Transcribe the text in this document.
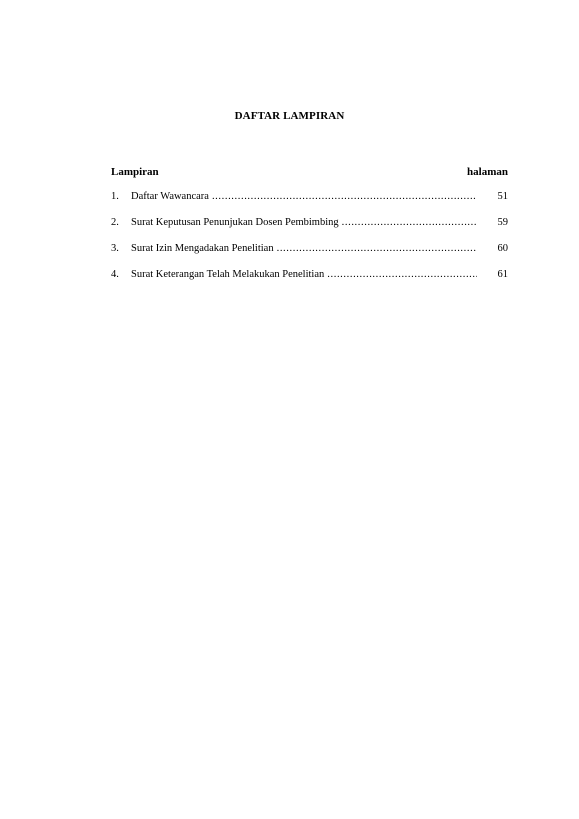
DAFTAR LAMPIRAN
Lampiran	halaman
1.	Daftar Wawancara .....	51
2.	Surat Keputusan Penunjukan Dosen Pembimbing .....	59
3.	Surat Izin Mengadakan Penelitian .....	60
4.	Surat Keterangan Telah Melakukan Penelitian .....	61
